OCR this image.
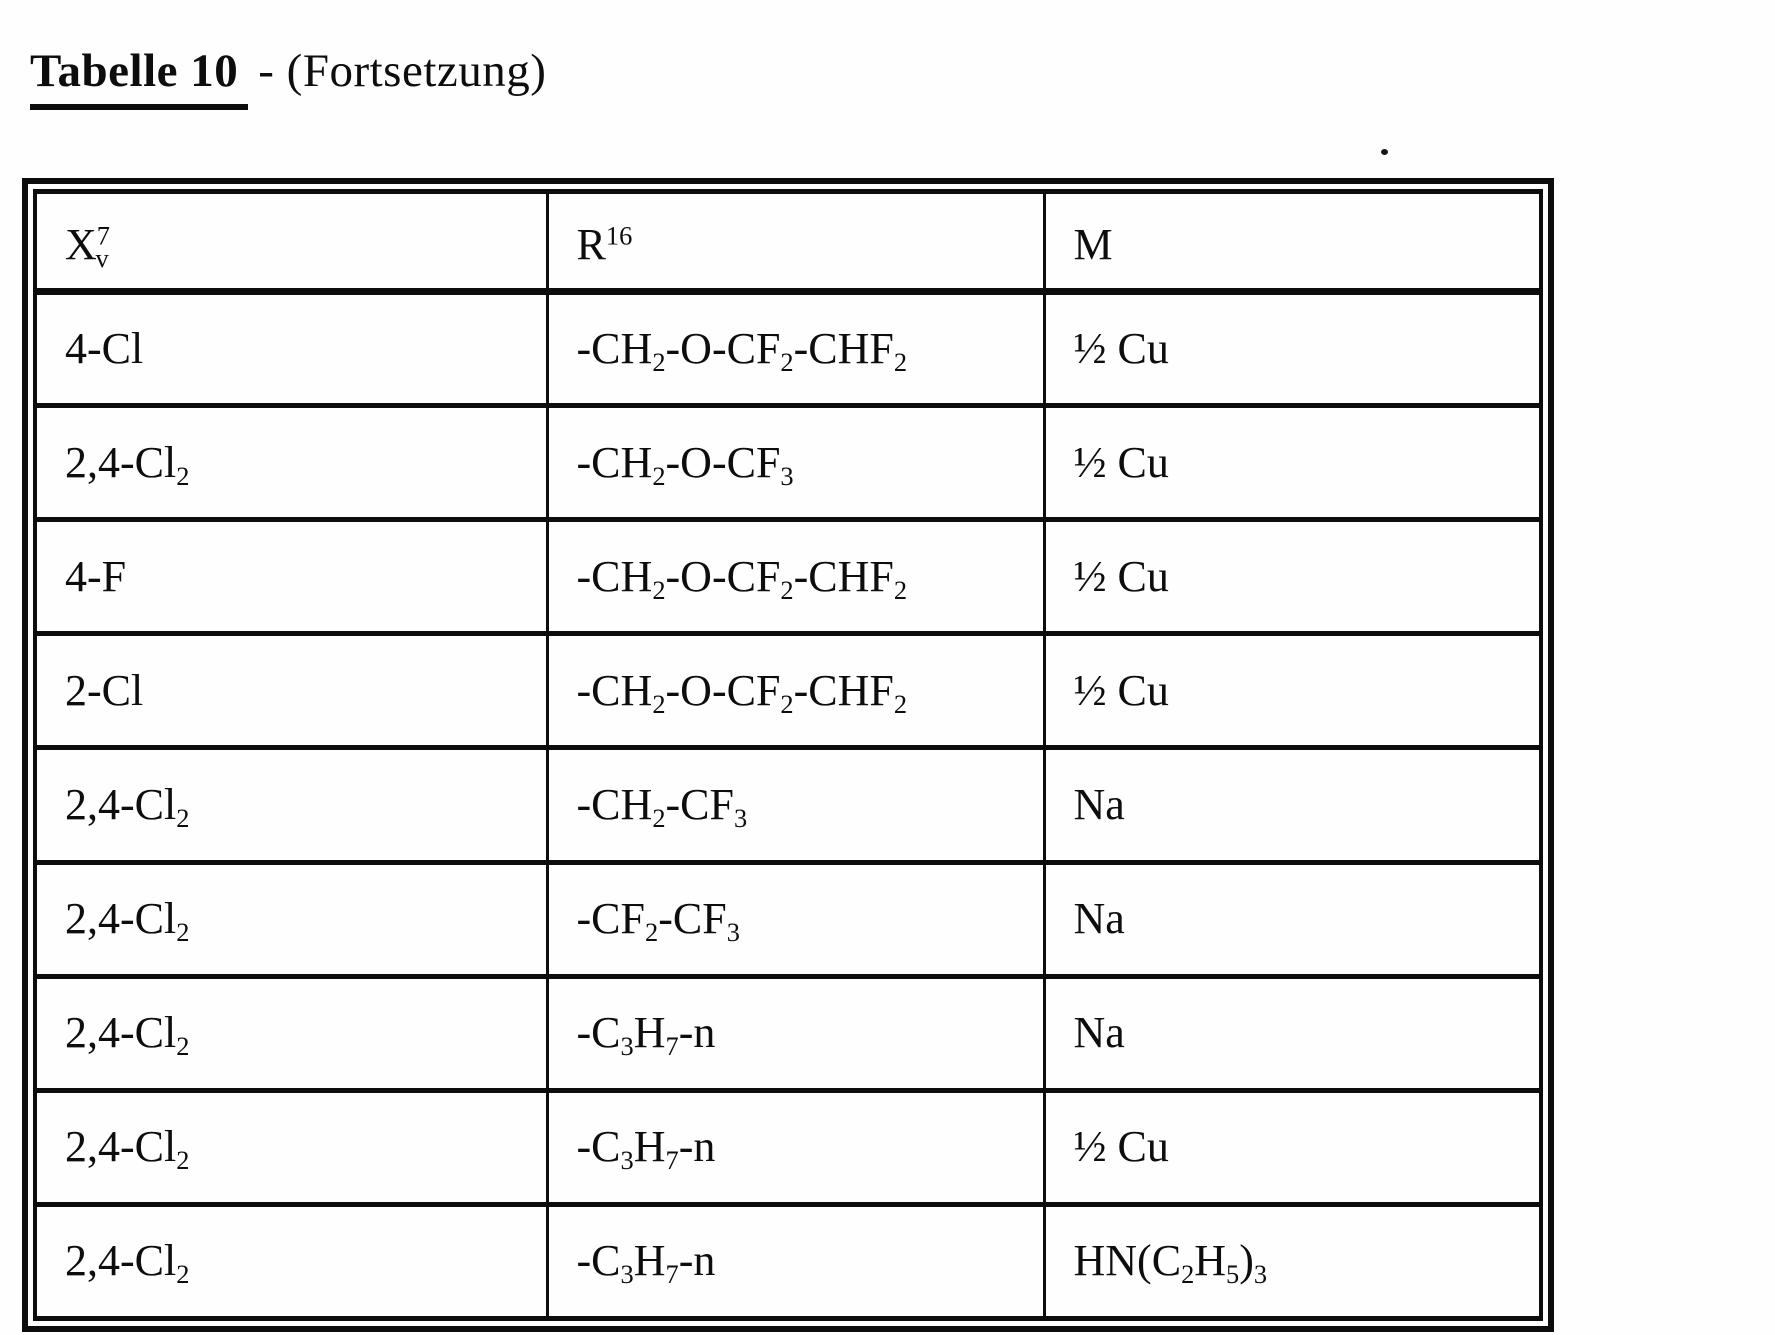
Tabelle 10 - (Fortsetzung)
$X^7_v$	$R^{16}$	M
4-Cl	$-CH_2-O-CF_2-CHF_2$	½ Cu
$2,4-Cl_2$	$-CH_2-O-CF_3$	½ Cu
4-F	$-CH_2-O-CF_2-CHF_2$	½ Cu
2-Cl	$-CH_2-O-CF_2-CHF_2$	½ Cu
$2,4-Cl_2$	$-CH_2-CF_3$	Na
$2,4-Cl_2$	$-CF_2-CF_3$	Na
$2,4-Cl_2$	$-C_3H_7-n$	Na
$2,4-Cl_2$	$-C_3H_7-n$	½ Cu
$2,4-Cl_2$	$-C_3H_7-n$	$HN(C_2H_5)_3$
